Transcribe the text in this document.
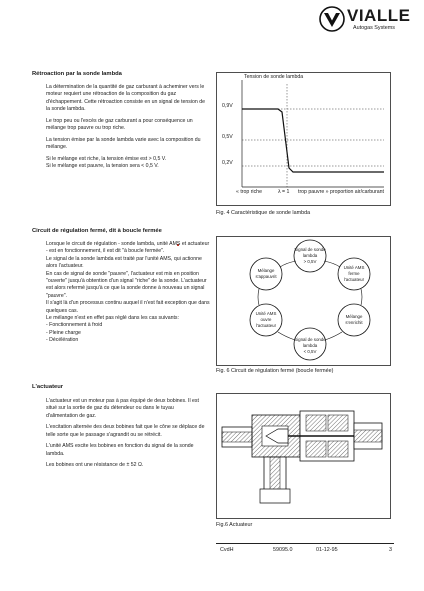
VIALLE
Autogas Systems
Rétroaction par la sonde lambda

La détermination de la quantité de gaz carburant à acheminer vers le moteur requiert une rétroaction de la composition du gaz d'échappement. Cette rétroaction consiste en un signal de tension de la sonde lambda.

Le trop peu ou l'excès de gaz carburant a pour conséquence un mélange trop pauvre ou trop riche.

La tension émise par la sonde lambda varie avec la composition du mélange.

Si le mélange est riche, la tension émise est > 0,5 V.

Si le mélange est pauvre, la tension sera < 0,5 V.

Tension de sonde lambda
0,9V
0,5V
0,2V
« trop riche	λ = 1 trop pauvre » proportion air/carburant
Fig. 4 Caractéristique de sonde lambda
Circuit de régulation fermé, dit à boucle fermée

Lorsque le circuit de régulation - sonde lambda, unité AMS et actuateur - est en fonctionnement, il est dit "à boucle fermée".

Le signal de la sonde lambda est traité par l'unité AMS, qui actionne alors l'actuateur.

En cas de signal de sonde "pauvre", l'actuateur est mis en position "ouverte" jusqu'à obtention d'un signal "riche" de la sonde. L'actuateur est alors refermé jusqu'à ce que la sonde donne à nouveau un signal "pauvre".

Il s'agit là d'un processus continu auquel il n'est fait exception que dans quelques cas.

Le mélange n'est en effet pas réglé dans les cas suivants:

- Fonctionnement à froid
- Pleine charge
- Décélération
Signal de sonde lambda
> 0,5V
Unité AMS
ferme
l'actuateur
Mélange
s'enrichit
Signal de sonde lambda
< 0,5V
Unité AMS
ouvre
l'actuateur
Mélange
s'appauvrit
Fig. 6 Circuit de régulation fermé (boucle fermée)
L'actuateur

L'actuateur est un moteur pas à pas équipé de deux bobines. Il est situé sur la sortie de gaz du détendeur ou dans le tuyau d'alimentation de gaz.

L'excitation alternée des deux bobines fait que le cône se déplace de telle sorte que le passage s'agrandit ou se rétrécit.

L'unité AMS excite les bobines en fonction du signal de la sonde lambda.

Les bobines ont une résistance de ± 52 Ω.

Fig.6 Actuateur
CvdH	59095.0	01-12-95	3
